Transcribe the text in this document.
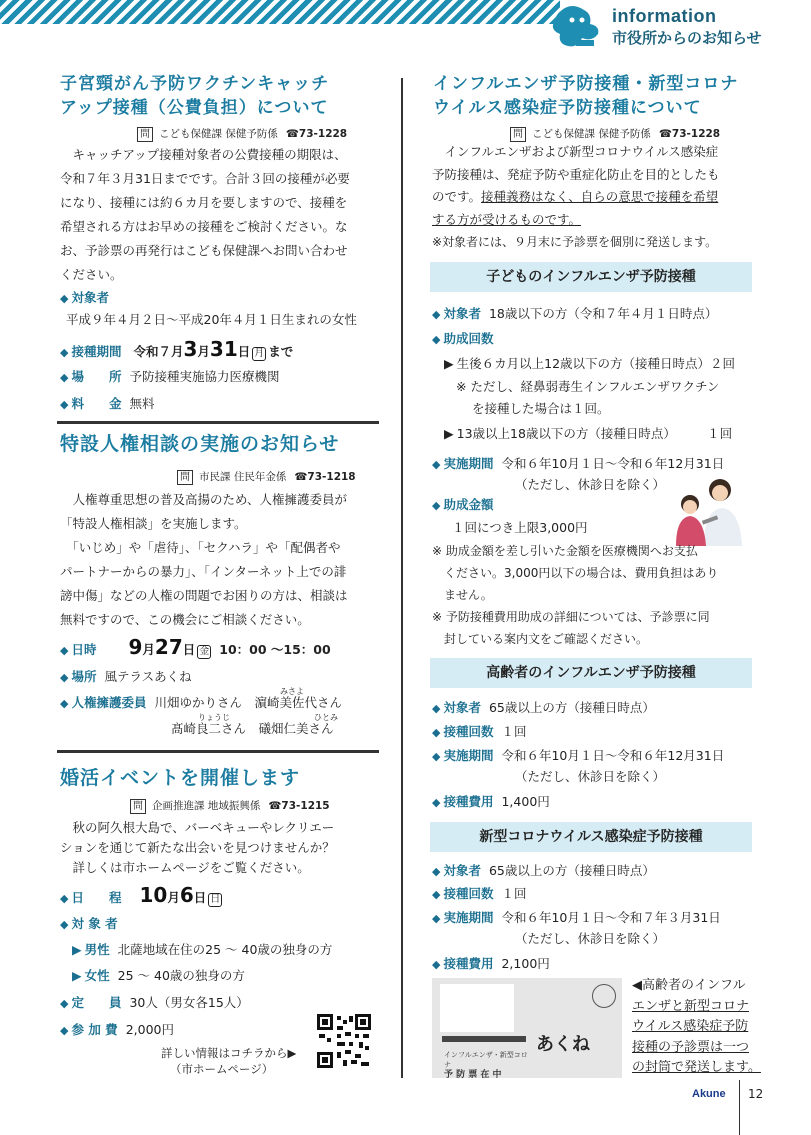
information
市役所からのお知らせ
子宮頸がん予防ワクチンキャッチ
アップ接種（公費負担）について
問 こども保健課 保健予防係 ☎73-1228
　キャッチアップ接種対象者の公費接種の期限は、
令和７年３月31日までです。合計３回の接種が必要
になり、接種には約６カ月を要しますので、接種を
希望される方はお早めの接種をご検討ください。な
お、予診票の再発行はこども保健課へお問い合わせ
ください。
◆ 対象者
平成９年４月２日～平成20年４月１日生まれの女性
◆ 接種期間 令和７月3月31日 月 まで
◆ 場　　所 予防接種実施協力医療機関
◆ 料　　金 無料
特設人権相談の実施のお知らせ
問 市民課 住民年金係 ☎73-1218
　人権尊重思想の普及高揚のため、人権擁護委員が
「特設人権相談」を実施します。
　「いじめ」や「虐待」、「セクハラ」や「配偶者や
パートナーからの暴力」、「インターネット上での誹
謗中傷」などの人権の問題でお困りの方は、相談は
無料ですので、この機会にご相談ください。
◆ 日時 9月27日 金 10：00 ～15：00
◆ 場所 風テラスあくね
みさよ
◆ 人権擁護委員 川畑ゆかりさん　濵崎美佐代さん
りょうじ	ひとみ
髙崎良二さん　礒畑仁美さん
婚活イベントを開催します
問 企画推進課 地域振興係 ☎73-1215
　秋の阿久根大島で、バーベキューやレクリエー
ションを通じて新たな出会いを見つけませんか？
　詳しくは市ホームページをご覧ください。
◆ 日　　程 10月6日 日
◆ 対 象 者
▶ 男性 北薩地域在住の25 ～ 40歳の独身の方
▶ 女性 25 ～ 40歳の独身の方
◆ 定　　員 30人（男女各15人）
◆ 参 加 費 2,000円
詳しい情報はコチラから▶
（市ホームページ）
インフルエンザ予防接種・新型コロナ
ウイルス感染症予防接種について
問 こども保健課 保健予防係 ☎73-1228
　インフルエンザおよび新型コロナウイルス感染症
予防接種は、発症予防や重症化防止を目的としたも
のです。接種義務はなく、自らの意思で接種を希望
する方が受けるものです。
※対象者には、９月末に予診票を個別に発送します。
子どものインフルエンザ予防接種
◆ 対象者 18歳以下の方（令和７年４月１日時点）
◆ 助成回数
▶ 生後６カ月以上12歳以下の方（接種日時点）２回
※ ただし、経鼻弱毒生インフルエンザワクチン
を接種した場合は１回。
▶ 13歳以上18歳以下の方（接種日時点）　　　１回
◆ 実施期間 令和６年10月１日～令和６年12月31日
（ただし、休診日を除く）
◆ 助成金額
１回につき上限3,000円
※ 助成金額を差し引いた金額を医療機関へお支払
　ください。3,000円以下の場合は、費用負担はあり
　ません。
※ 予防接種費用助成の詳細については、予診票に同
　封している案内文をご確認ください。
高齢者のインフルエンザ予防接種
◆ 対象者 65歳以上の方（接種日時点）
◆ 接種回数 １回
◆ 実施期間 令和６年10月１日～令和６年12月31日
（ただし、休診日を除く）
◆ 接種費用 1,400円
新型コロナウイルス感染症予防接種
◆ 対象者 65歳以上の方（接種日時点）
◆ 接種回数 １回
◆ 実施期間 令和６年10月１日～令和７年３月31日
（ただし、休診日を除く）
◆ 接種費用 2,100円
あくね
インフルエンザ・新型コロナ
予 防 票 在 中
◀高齢者のインフル
エンザと新型コロナ
ウイルス感染症予防
接種の予診票は一つ
の封筒で発送します。
Akune 12
